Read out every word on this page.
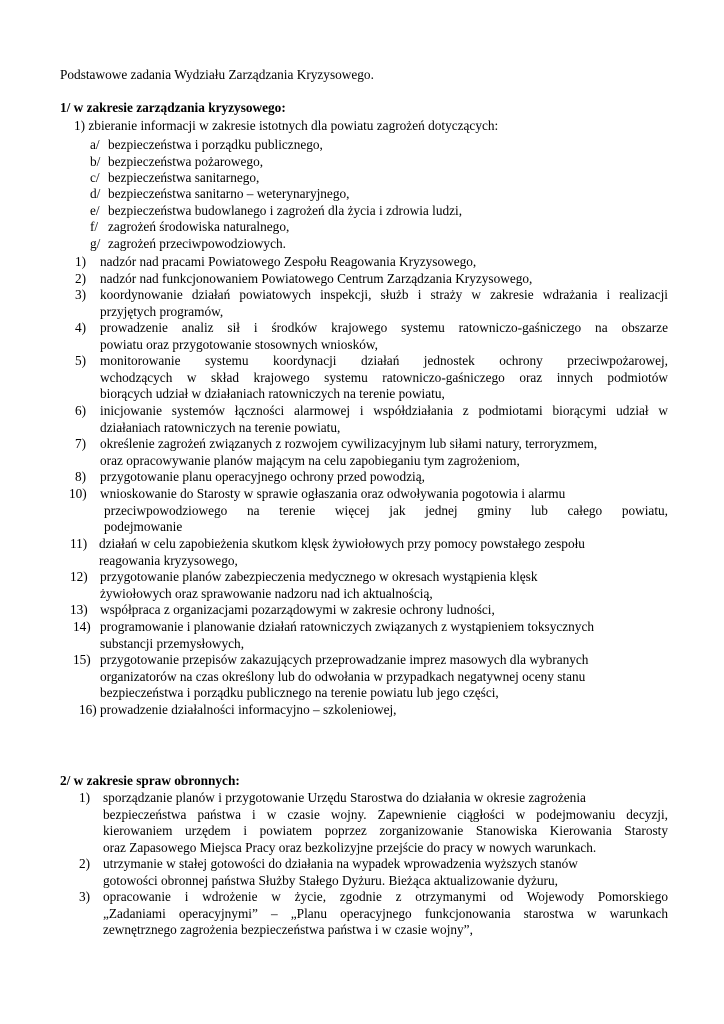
Podstawowe zadania Wydziału Zarządzania Kryzysowego.
1/ w zakresie zarządzania kryzysowego:
1) zbieranie informacji w zakresie istotnych dla powiatu zagrożeń dotyczących:
a/ bezpieczeństwa i porządku publicznego,
b/ bezpieczeństwa pożarowego,
c/ bezpieczeństwa sanitarnego,
d/ bezpieczeństwa sanitarno – weterynaryjnego,
e/ bezpieczeństwa budowlanego i zagrożeń dla życia i zdrowia ludzi,
f/ zagrożeń środowiska naturalnego,
g/ zagrożeń przeciwpowodziowych.
1) nadzór nad pracami Powiatowego Zespołu Reagowania Kryzysowego,
2) nadzór nad funkcjonowaniem Powiatowego Centrum Zarządzania Kryzysowego,
3) koordynowanie działań powiatowych inspekcji, służb i straży w zakresie wdrażania i realizacji
przyjętych programów,
4) prowadzenie analiz sił i środków krajowego systemu ratowniczo-gaśniczego na obszarze
powiatu oraz przygotowanie stosownych wniosków,
5) monitorowanie systemu koordynacji działań jednostek ochrony przeciwpożarowej,
wchodzących w skład krajowego systemu ratowniczo-gaśniczego oraz innych podmiotów
biorących udział w działaniach ratowniczych na terenie powiatu,
6) inicjowanie systemów łączności alarmowej i współdziałania z podmiotami biorącymi udział w
działaniach ratowniczych na terenie powiatu,
7) określenie zagrożeń związanych z rozwojem cywilizacyjnym lub siłami natury, terroryzmem,
oraz opracowywanie planów mającym na celu zapobieganiu tym zagrożeniom,
8) przygotowanie planu operacyjnego ochrony przed powodzią,
10) wnioskowanie do Starosty w sprawie ogłaszania oraz odwoływania pogotowia i alarmu
przeciwpowodziowego na terenie więcej jak jednej gminy lub całego powiatu,
podejmowanie
11) działań w celu zapobieżenia skutkom klęsk żywiołowych przy pomocy powstałego zespołu
reagowania kryzysowego,
12) przygotowanie planów zabezpieczenia medycznego w okresach wystąpienia klęsk
żywiołowych oraz sprawowanie nadzoru nad ich aktualnością,
13) współpraca z organizacjami pozarządowymi w zakresie ochrony ludności,
14) programowanie i planowanie działań ratowniczych związanych z wystąpieniem toksycznych
substancji przemysłowych,
15) przygotowanie przepisów zakazujących przeprowadzanie imprez masowych dla wybranych
organizatorów na czas określony lub do odwołania w przypadkach negatywnej oceny stanu
bezpieczeństwa i porządku publicznego na terenie powiatu lub jego części,
16) prowadzenie działalności informacyjno – szkoleniowej,
2/ w zakresie spraw obronnych:
1) sporządzanie planów i przygotowanie Urzędu Starostwa do działania w okresie zagrożenia
bezpieczeństwa państwa i w czasie wojny. Zapewnienie ciągłości w podejmowaniu decyzji,
kierowaniem urzędem i powiatem poprzez zorganizowanie Stanowiska Kierowania Starosty
oraz Zapasowego Miejsca Pracy oraz bezkolizyjne przejście do pracy w nowych warunkach.
2) utrzymanie w stałej gotowości do działania na wypadek wprowadzenia wyższych stanów
gotowości obronnej państwa Służby Stałego Dyżuru. Bieżąca aktualizowanie dyżuru,
3) opracowanie i wdrożenie w życie, zgodnie z otrzymanymi od Wojewody Pomorskiego
„Zadaniami operacyjnymi” – „Planu operacyjnego funkcjonowania starostwa w warunkach
zewnętrznego zagrożenia bezpieczeństwa państwa i w czasie wojny”,
